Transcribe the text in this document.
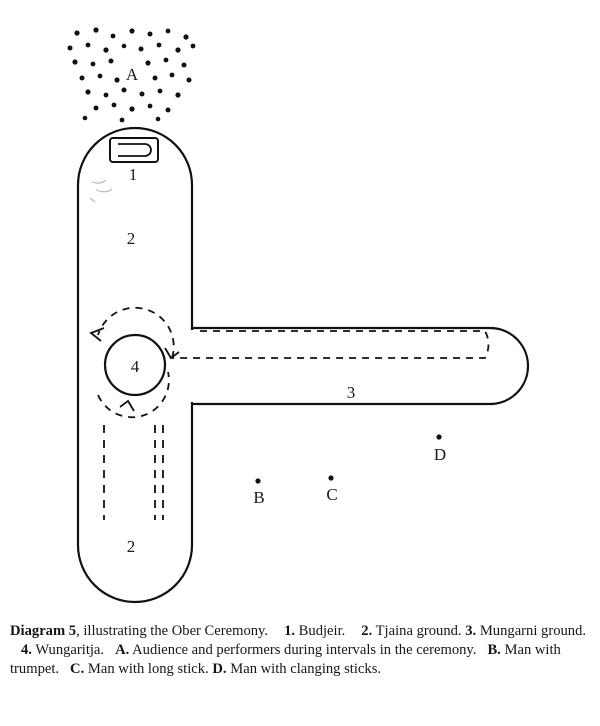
A
1
2
4
3
2
D
C
B
Diagram 5, illustrating the Ober Ceremony. 1. Budjeir. 2. Tjaina ground. 3. Mungarni ground.4. Wungaritja. A. Audience and performers during intervals in the ceremony. B. Man with trumpet. C. Man with long stick. D. Man with clanging sticks.
